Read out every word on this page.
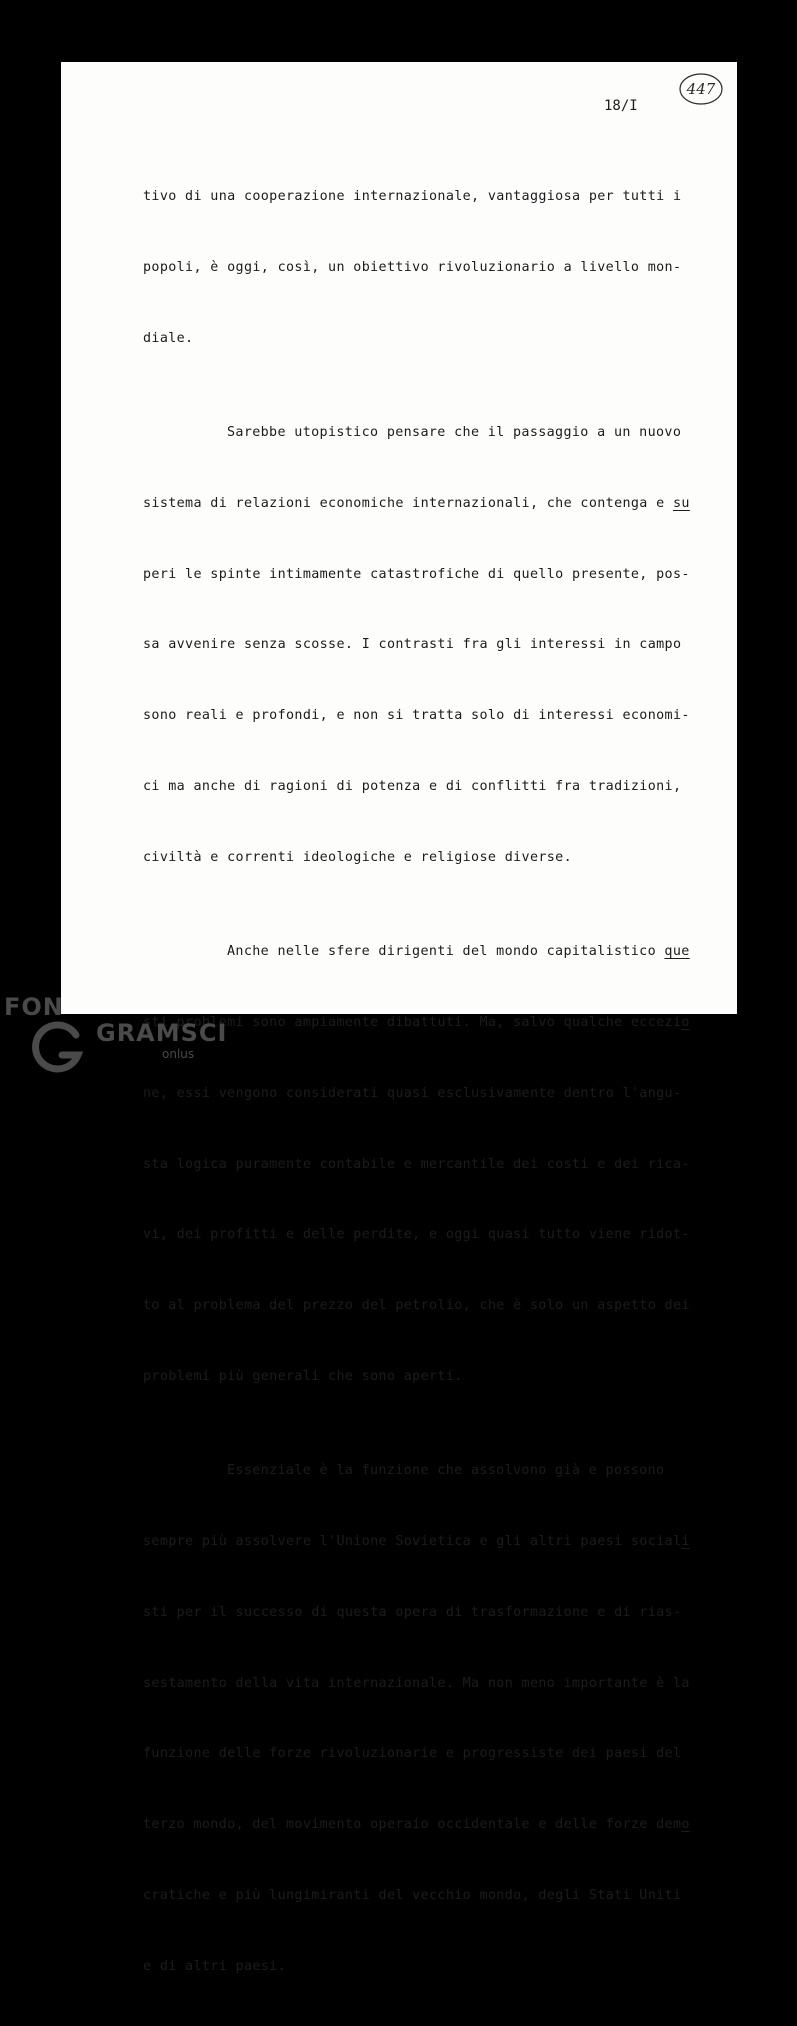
447

18/I

tivo di una cooperazione internazionale, vantaggiosa per tutti i

popoli, è oggi, così, un obiettivo rivoluzionario a livello mon-

diale.

Sarebbe utopistico pensare che il passaggio a un nuovo

sistema di relazioni economiche internazionali, che contenga e su

peri le spinte intimamente catastrofiche di quello presente, pos-

sa avvenire senza scosse. I contrasti fra gli interessi in campo

sono reali e profondi, e non si tratta solo di interessi economi-

ci ma anche di ragioni di potenza e di conflitti fra tradizioni,

civiltà e correnti ideologiche e religiose diverse.

Anche nelle sfere dirigenti del mondo capitalistico que

sti problemi sono ampiamente dibattuti. Ma, salvo qualche eccezio

ne, essi vengono considerati quasi esclusivamente dentro l'angu-

sta logica puramente contabile e mercantile dei costi e dei rica-

vi, dei profitti e delle perdite, e oggi quasi tutto viene ridot-

to al problema del prezzo del petrolio, che è solo un aspetto dei

problemi più generali che sono aperti.

Essenziale è la funzione che assolvono già e possono

sempre più assolvere l'Unione Sovietica e gli altri paesi sociali

sti per il successo di questa opera di trasformazione e di rias-

sestamento della vita internazionale. Ma non meno importante è la

funzione delle forze rivoluzionarie e progressiste dei paesi del

terzo mondo, del movimento operaio occidentale e delle forze demo

cratiche e più lungimiranti del vecchio mondo, degli Stati Uniti

e di altri paesi.

FON

GRAMSCI

onlus
